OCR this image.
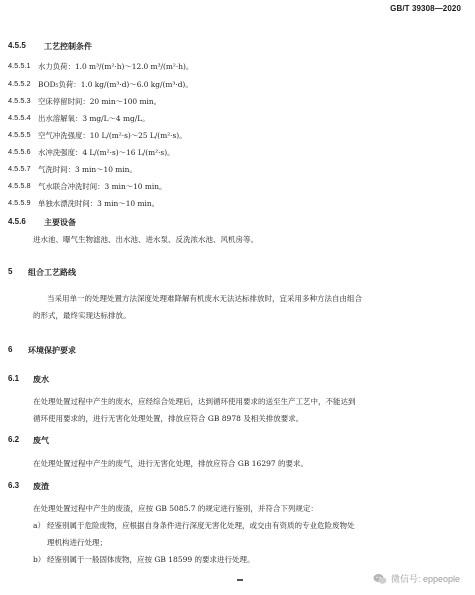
GB/T 39308—2020
4.5.5 工艺控制条件
4.5.5.1 水力负荷：1.0 m³/(m²·h)～12.0 m³/(m²·h)。
4.5.5.2 BOD₅负荷：1.0 kg/(m³·d)～6.0 kg/(m³·d)。
4.5.5.3 空床停留时间：20 min～100 min。
4.5.5.4 出水溶解氧：3 mg/L～4 mg/L。
4.5.5.5 空气冲洗强度：10 L/(m²·s)～25 L/(m²·s)。
4.5.5.6 水冲洗强度：4 L/(m²·s)～16 L/(m²·s)。
4.5.5.7 气洗时间：3 min～10 min。
4.5.5.8 气水联合冲洗时间：3 min～10 min。
4.5.5.9 单独水漂洗时间：3 min～10 min。
4.5.6 主要设备
进水池、曝气生物滤池、出水池、进水泵、反洗浓水池、风机房等。
5 组合工艺路线
当采用单一的处理处置方法深度处理难降解有机废水无法达标排放时，宜采用多种方法自由组合
的形式，最终实现达标排放。
6 环境保护要求
6.1 废水
在处理处置过程中产生的废水，应经综合处理后，达到循环使用要求的送至生产工艺中，不能达到
循环使用要求的，进行无害化处理处置，排放应符合 GB 8978 及相关排放要求。
6.2 废气
在处理处置过程中产生的废气，进行无害化处理，排放应符合 GB 16297 的要求。
6.3 废渣
在处理处置过程中产生的废渣，应按 GB 5085.7 的规定进行鉴别，并符合下列规定：
a） 经鉴别属于危险废物，应根据自身条件进行深度无害化处理，或交由有资质的专业危险废物处
理机构进行处理；
b） 经鉴别属于一般固体废物，应按 GB 18599 的要求进行处理。
微信号: eppeople
